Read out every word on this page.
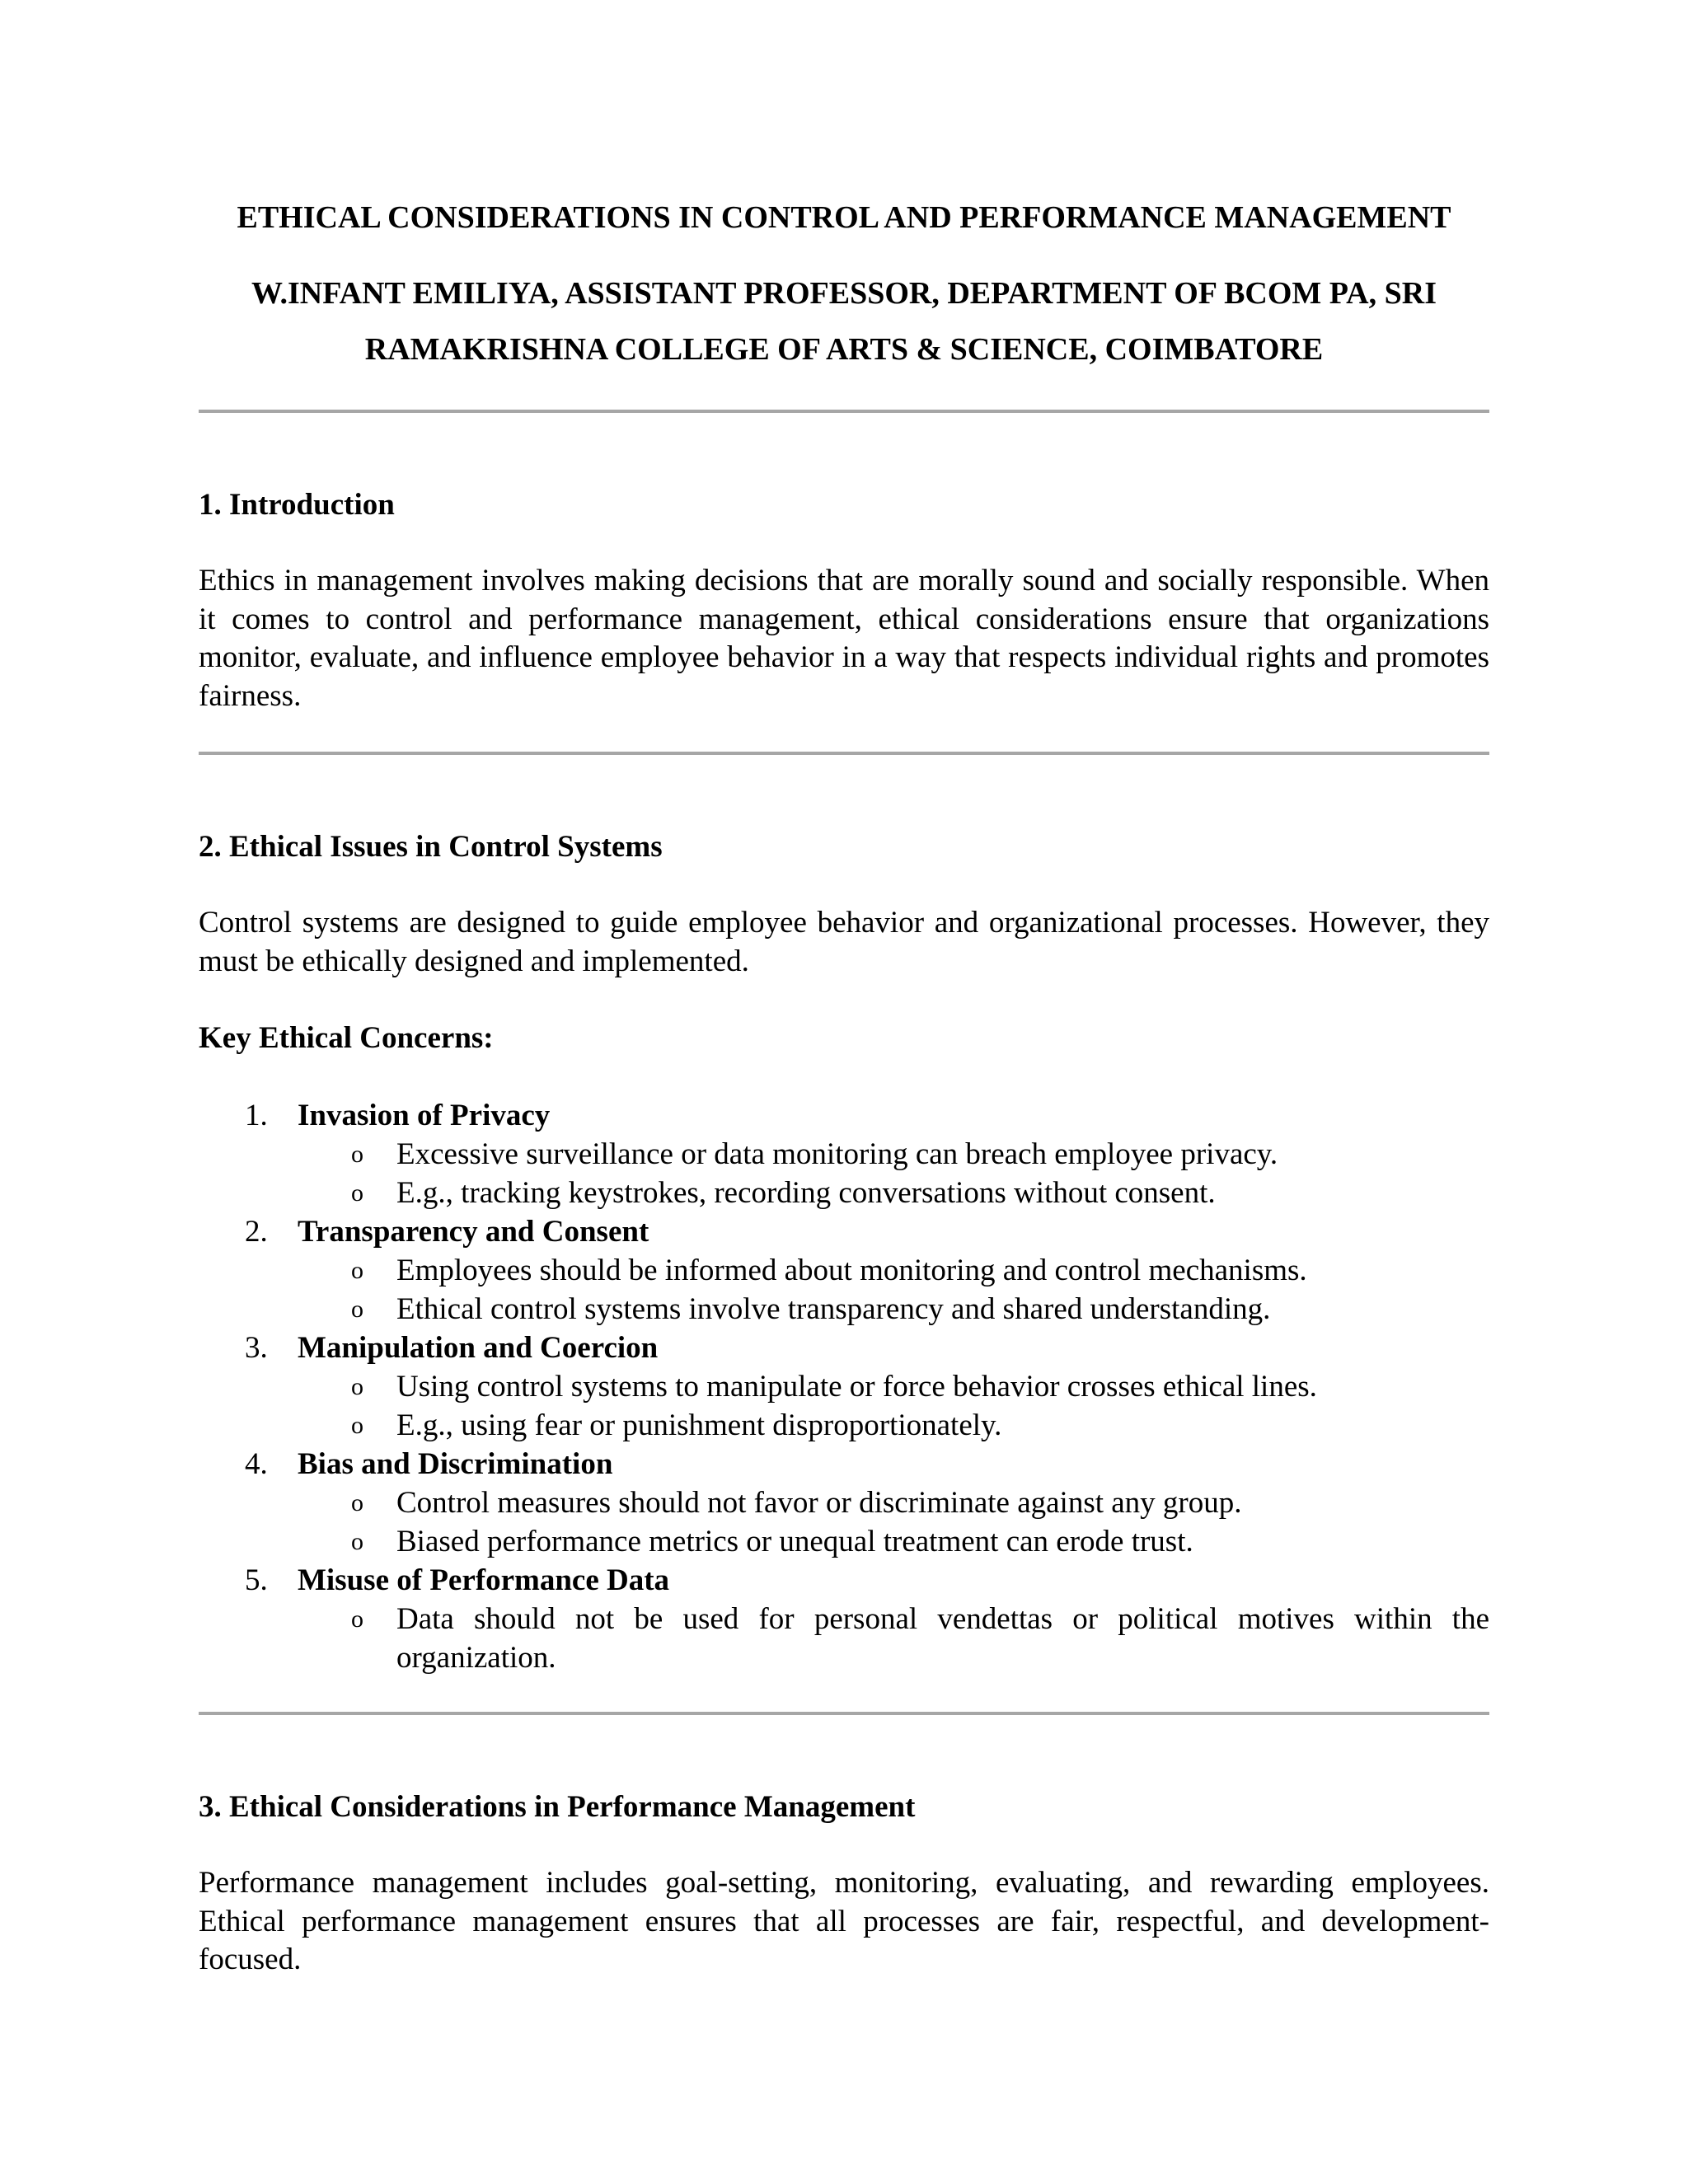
ETHICAL CONSIDERATIONS IN CONTROL AND PERFORMANCE MANAGEMENT

W.INFANT EMILIYA, ASSISTANT PROFESSOR, DEPARTMENT OF BCOM PA, SRI

RAMAKRISHNA COLLEGE OF ARTS & SCIENCE, COIMBATORE

1. Introduction

Ethics in management involves making decisions that are morally sound and socially responsible. When it comes to control and performance management, ethical considerations ensure that organizations monitor, evaluate, and influence employee behavior in a way that respects individual rights and promotes fairness.

2. Ethical Issues in Control Systems

Control systems are designed to guide employee behavior and organizational processes. However, they must be ethically designed and implemented.

Key Ethical Concerns:
1. Invasion of Privacy
o Excessive surveillance or data monitoring can breach employee privacy.
o E.g., tracking keystrokes, recording conversations without consent.
2. Transparency and Consent
o Employees should be informed about monitoring and control mechanisms.
o Ethical control systems involve transparency and shared understanding.
3. Manipulation and Coercion
o Using control systems to manipulate or force behavior crosses ethical lines.
o E.g., using fear or punishment disproportionately.
4. Bias and Discrimination
o Control measures should not favor or discriminate against any group.
o Biased performance metrics or unequal treatment can erode trust.
5. Misuse of Performance Data
o Data should not be used for personal vendettas or political motives within the organization.
3. Ethical Considerations in Performance Management

Performance management includes goal-setting, monitoring, evaluating, and rewarding employees. Ethical performance management ensures that all processes are fair, respectful, and development-focused.
